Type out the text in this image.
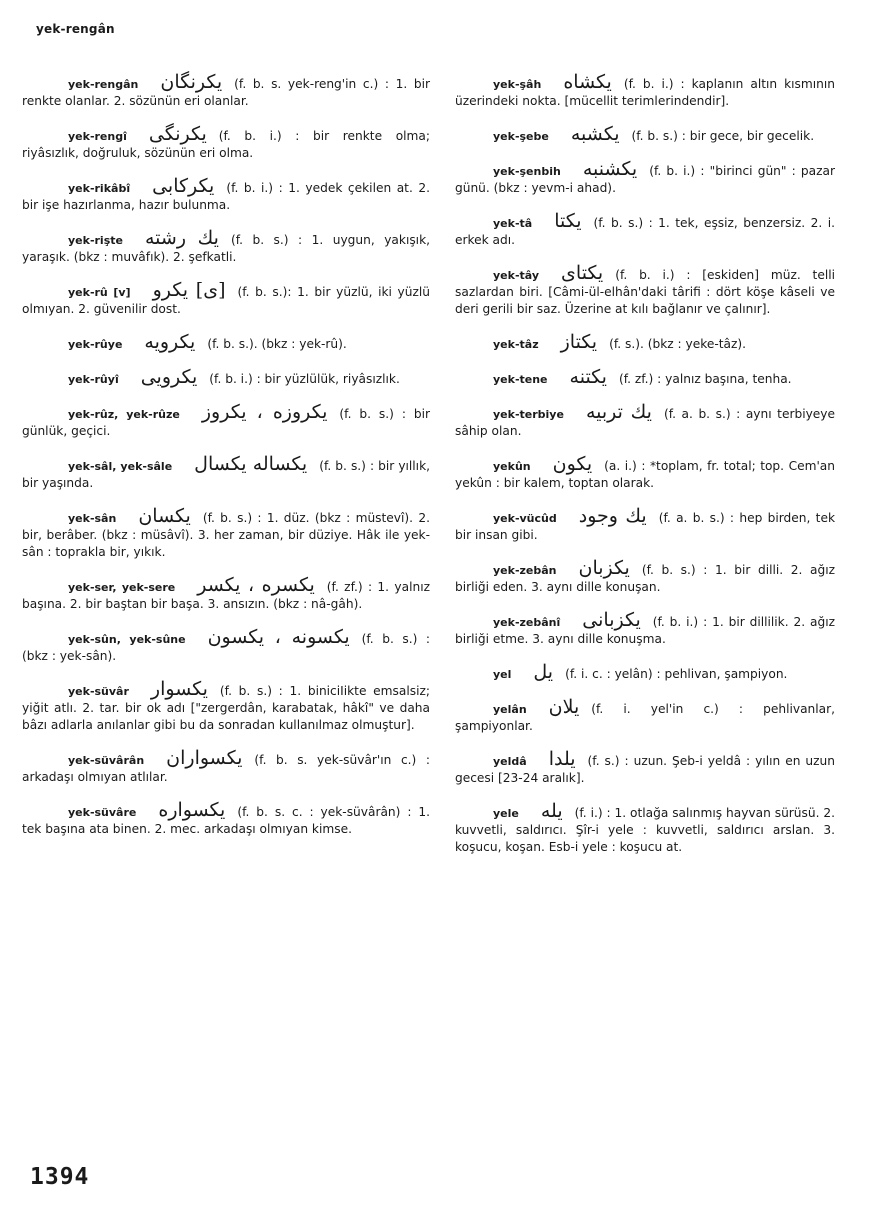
yek-rengân
yek-rengân یکرنگان (f. b. s. yek-reng'in c.) : 1. bir renkte olanlar. 2. sözünün eri olanlar.
yek-rengî یکرنگی (f. b. i.) : bir renkte olma; riyâsızlık, doğruluk, sözünün eri olma.
yek-rikâbî یکرکابی (f. b. i.) : 1. yedek çekilen at. 2. bir işe hazırlanma, hazır bulunma.
yek-rişte یك رشته (f. b. s.) : 1. uygun, yakışık, yaraşık. (bkz : muvâfık). 2. şefkatli.
yek-rû [v] [ی] یکرو (f. b. s.): 1. bir yüzlü, iki yüzlü olmıyan. 2. güvenilir dost.
yek-rûye یکرویه (f. b. s.). (bkz : yek-rû).
yek-rûyî یکرویی (f. b. i.) : bir yüzlülük, riyâsızlık.
yek-rûz, yek-rûze یکروزه ، یکروز (f. b. s.) : bir günlük, geçici.
yek-sâl, yek-sâle یکساله یکسال (f. b. s.) : bir yıllık, bir yaşında.
yek-sân یکسان (f. b. s.) : 1. düz. (bkz : müstevî). 2. bir, berâber. (bkz : müsâvî). 3. her zaman, bir düziye. Hâk ile yek-sân : toprakla bir, yıkık.
yek-ser, yek-sere یکسره ، یکسر (f. zf.) : 1. yalnız başına. 2. bir baştan bir başa. 3. ansızın. (bkz : nâ-gâh).
yek-sûn, yek-sûne یکسونه ، یکسون (f. b. s.) : (bkz : yek-sân).
yek-süvâr یکسوار (f. b. s.) : 1. biniciIikte emsalsiz; yiğit atlı. 2. tar. bir ok adı ["zergerdân, karabatak, hâkî" ve daha bâzı adlarla anılanlar gibi bu da sonradan kullanılmaz olmuştur].
yek-süvârân یکسواران (f. b. s. yek-süvâr'ın c.) : arkadaşı olmıyan atlılar.
yek-süvâre یکسواره (f. b. s. c. : yek-süvârân) : 1. tek başına ata binen. 2. mec. arkadaşı olmıyan kimse.
yek-şâh یکشاه (f. b. i.) : kaplanın altın kısmının üzerindeki nokta. [mücellit terimlerindendir].
yek-şebe یکشبه (f. b. s.) : bir gece, bir gecelik.
yek-şenbih یکشنبه (f. b. i.) : "birinci gün" : pazar günü. (bkz : yevm-i ahad).
yek-tâ یکتا (f. b. s.) : 1. tek, eşsiz, benzersiz. 2. i. erkek adı.
yek-tây یکتای (f. b. i.) : [eskiden] müz. telli sazlardan biri. [Câmi-ül-elhân'daki târifi : dört köşe kâseli ve deri gerili bir saz. Üzerine at kılı bağlanır ve çalınır].
yek-tâz یکتاز (f. s.). (bkz : yeke-tâz).
yek-tene یکتنه (f. zf.) : yalnız başına, tenha.
yek-terbiye یك تربیه (f. a. b. s.) : aynı terbiyeye sâhip olan.
yekûn یکون (a. i.) : *toplam, fr. total; top. Cem'an yekûn : bir kalem, toptan olarak.
yek-vücûd یك وجود (f. a. b. s.) : hep birden, tek bir insan gibi.
yek-zebân یکزبان (f. b. s.) : 1. bir dilli. 2. ağız birliği eden. 3. aynı dille konuşan.
yek-zebânî یکزبانی (f. b. i.) : 1. bir dillilik. 2. ağız birliği etme. 3. aynı dille konuşma.
yel یل (f. i. c. : yelân) : pehlivan, şampiyon.
yelân یلان (f. i. yel'in c.) : pehlivanlar, şampiyonlar.
yeldâ یلدا (f. s.) : uzun. Şeb-i yeldâ : yılın en uzun gecesi [23-24 aralık].
yele یله (f. i.) : 1. otlağa salınmış hayvan sürüsü. 2. kuvvetli, saldırıcı. Şîr-i yele : kuvvetli, saldırıcı arslan. 3. koşucu, koşan. Esb-i yele : koşucu at.
1394
